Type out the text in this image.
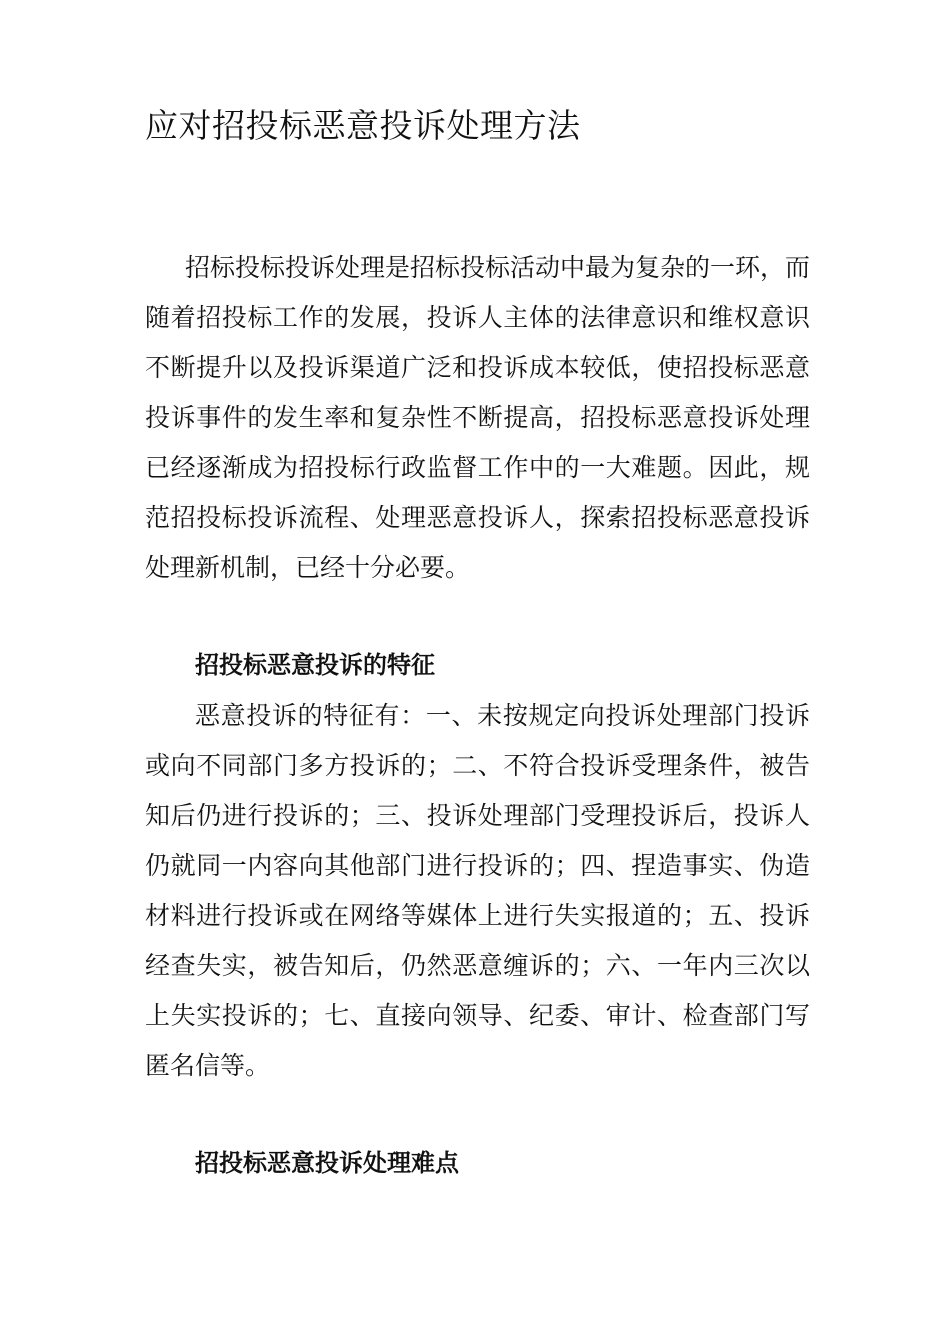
应对招投标恶意投诉处理方法

招标投标投诉处理是招标投标活动中最为复杂的一环，而随着招投标工作的发展，投诉人主体的法律意识和维权意识不断提升以及投诉渠道广泛和投诉成本较低，使招投标恶意投诉事件的发生率和复杂性不断提高，招投标恶意投诉处理已经逐渐成为招投标行政监督工作中的一大难题。因此，规范招投标投诉流程、处理恶意投诉人，探索招投标恶意投诉处理新机制，已经十分必要。

招投标恶意投诉的特征

恶意投诉的特征有：一、未按规定向投诉处理部门投诉或向不同部门多方投诉的；二、不符合投诉受理条件，被告知后仍进行投诉的；三、投诉处理部门受理投诉后，投诉人仍就同一内容向其他部门进行投诉的；四、捏造事实、伪造材料进行投诉或在网络等媒体上进行失实报道的；五、投诉经查失实，被告知后，仍然恶意缠诉的；六、一年内三次以上失实投诉的；七、直接向领导、纪委、审计、检查部门写匿名信等。

招投标恶意投诉处理难点
